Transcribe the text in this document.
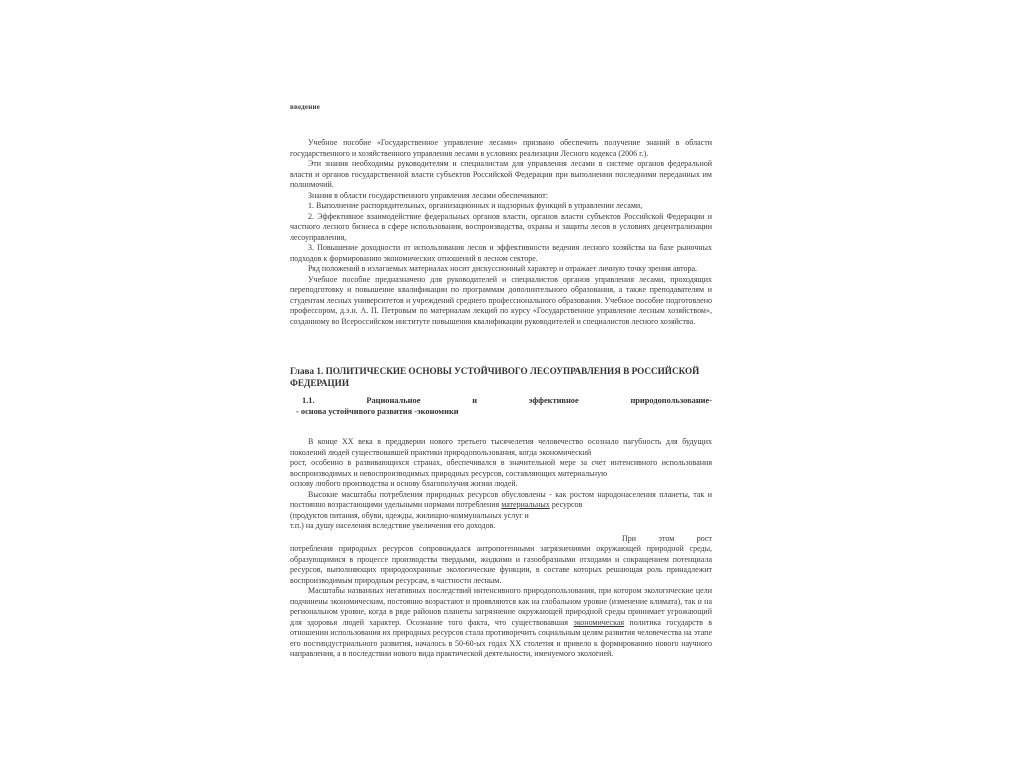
введение

Учебное пособие «Государственное управление лесами» призвано обеспечить получение знаний в области государственного и хозяйственного управления лесами в условиях реализации Лесного кодекса (2006 г.).

Эти знания необходимы руководителям и специалистам для управления лесами в системе органов федеральной власти и органов государственной власти субъектов Российской Федерации при выполнении последними переданных им полномочий.

Знания в области государственного управления лесами обеспечивают:

1. Выполнение распорядительных, организационных и надзорных функций в управлении лесами,

2. Эффективное взаимодействие федеральных органов власти, органов власти субъектов Российской Федерации и частного лесного бизнеса в сфере использования, воспроизводства, охраны и защиты лесов в условиях децентрализации лесоуправления,

3. Повышение доходности от использования лесов и эффективности ведения лесного хозяйства на базе рыночных подходов к формированию экономических отношений в лесном секторе.

Ряд положений в излагаемых материалах носит дискуссионный характер и отражает личную точку зрения автора.

Учебное пособие предназначено для руководителей и специалистов органов управления лесами, проходящих переподготовку и повышение квалификации по программам дополнительного образования, а также преподавателям и студентам лесных университетов и учреждений среднего профессионального образования. Учебное пособие подготовлено профессором, д.э.н. А. П. Петровым по материалам лекций по курсу «Государственное управление лесным хозяйством», созданному во Всероссийском институте повышения квалификации руководителей и специалистов лесного хозяйства.

Глава 1. ПОЛИТИЧЕСКИЕ ОСНОВЫ УСТОЙЧИВОГО ЛЕСОУПРАВЛЕНИЯ В РОССИЙСКОЙ ФЕДЕРАЦИИ
1.1.	Рациональное	и	эффективное	природопользование-
- основа устойчивого развития -экономики

В конце XX века в преддверии нового третьего тысячелетия человечество осознало пагубность для будущих поколений людей существовавшей практики природопользования, когда экономический

рост, особенно в развивающихся странах, обеспечивался в значительной мере за счет интенсивного использования воспроизводимых и невоспроизводимых природных ресурсов, составляющих материальную

основу любого производства и основу благополучия жизни людей.

Высокие масштабы потребления природных ресурсов обусловлены - как ростом народонаселения планеты, так и постоянно возрастающими удельными нормами потребления материальных ресурсов

(продуктов питания, обуви, одежды, жилищно-коммунальных услуг и

т.п.) на душу населения вследствие увеличения его доходов.

При	этом	рост

потребления природных ресурсов сопровождался антропогенными загрязнениями окружающей природной среды, образующимися в процессе производства твердыми, жидкими и газообразными отходами и сокращением потенциала ресурсов, выполняющих природоохранные экологические функции, в составе которых решающая роль принадлежит воспроизводимым природным ресурсам, в частности лесным.

Масштабы названных негативных последствий интенсивного природопользования, при котором экологические цели подчинены экономическим, постоянно возрастают и проявляются как на глобальном уровне (изменение климата), так и на региональном уровне, когда в ряде районов планеты загрязнение окружающей природной среды принимает угрожающий для здоровья людей характер. Осознание того факта, что существовавшая экономическая политика государств в отношении использования их природных ресурсов стала противоречить социальным целям развития человечества на этапе его постиндустриального развития, началось в 50-60-ых годах XX столетия и привело к формированию нового научного направления, а в последствии нового вида практической деятельности, именуемого экологией.
